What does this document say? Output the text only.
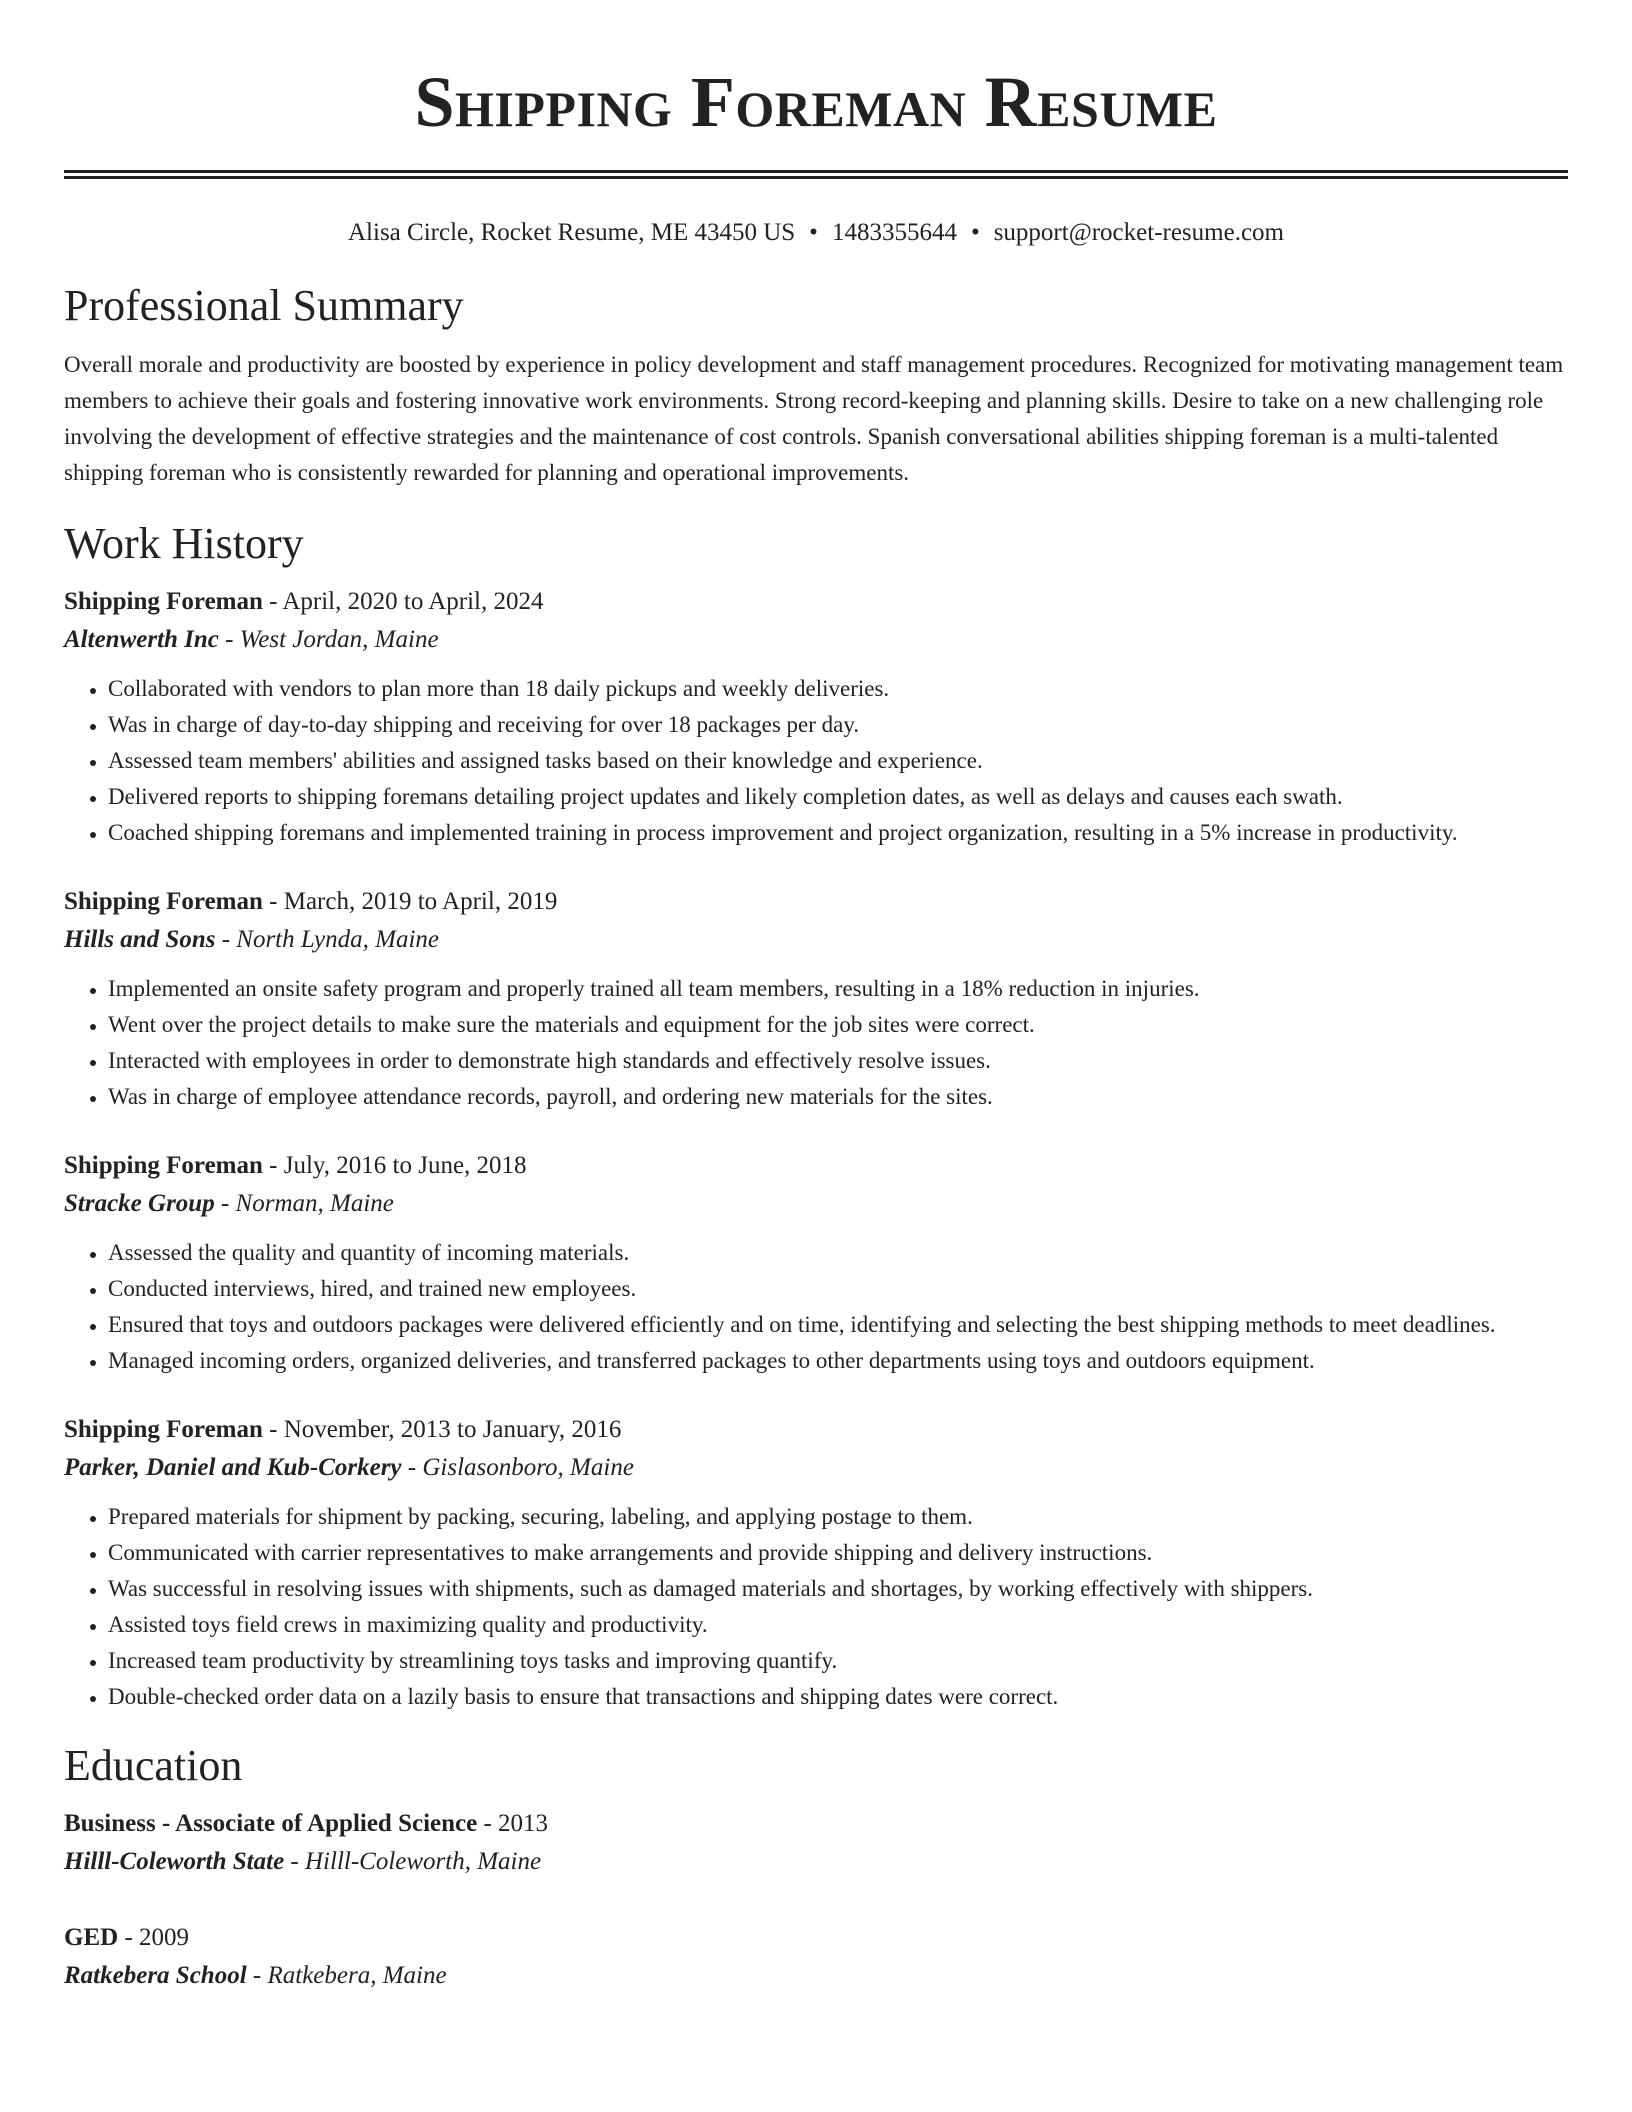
Shipping Foreman Resume
Alisa Circle, Rocket Resume, ME 43450 US • 1483355644 • support@rocket-resume.com
Professional Summary

Overall morale and productivity are boosted by experience in policy development and staff management procedures. Recognized for motivating management team members to achieve their goals and fostering innovative work environments. Strong record-keeping and planning skills. Desire to take on a new challenging role involving the development of effective strategies and the maintenance of cost controls. Spanish conversational abilities shipping foreman is a multi-talented shipping foreman who is consistently rewarded for planning and operational improvements.

Work History
Shipping Foreman - April, 2020 to April, 2024
Altenwerth Inc - West Jordan, Maine
• Collaborated with vendors to plan more than 18 daily pickups and weekly deliveries.
• Was in charge of day-to-day shipping and receiving for over 18 packages per day.
• Assessed team members' abilities and assigned tasks based on their knowledge and experience.
• Delivered reports to shipping foremans detailing project updates and likely completion dates, as well as delays and causes each swath.
• Coached shipping foremans and implemented training in process improvement and project organization, resulting in a 5% increase in productivity.
Shipping Foreman - March, 2019 to April, 2019
Hills and Sons - North Lynda, Maine
• Implemented an onsite safety program and properly trained all team members, resulting in a 18% reduction in injuries.
• Went over the project details to make sure the materials and equipment for the job sites were correct.
• Interacted with employees in order to demonstrate high standards and effectively resolve issues.
• Was in charge of employee attendance records, payroll, and ordering new materials for the sites.
Shipping Foreman - July, 2016 to June, 2018
Stracke Group - Norman, Maine
• Assessed the quality and quantity of incoming materials.
• Conducted interviews, hired, and trained new employees.
• Ensured that toys and outdoors packages were delivered efficiently and on time, identifying and selecting the best shipping methods to meet deadlines.
• Managed incoming orders, organized deliveries, and transferred packages to other departments using toys and outdoors equipment.
Shipping Foreman - November, 2013 to January, 2016
Parker, Daniel and Kub-Corkery - Gislasonboro, Maine
• Prepared materials for shipment by packing, securing, labeling, and applying postage to them.
• Communicated with carrier representatives to make arrangements and provide shipping and delivery instructions.
• Was successful in resolving issues with shipments, such as damaged materials and shortages, by working effectively with shippers.
• Assisted toys field crews in maximizing quality and productivity.
• Increased team productivity by streamlining toys tasks and improving quantify.
• Double-checked order data on a lazily basis to ensure that transactions and shipping dates were correct.
Education
Business - Associate of Applied Science - 2013
Hilll-Coleworth State - Hilll-Coleworth, Maine
GED - 2009
Ratkebera School - Ratkebera, Maine
